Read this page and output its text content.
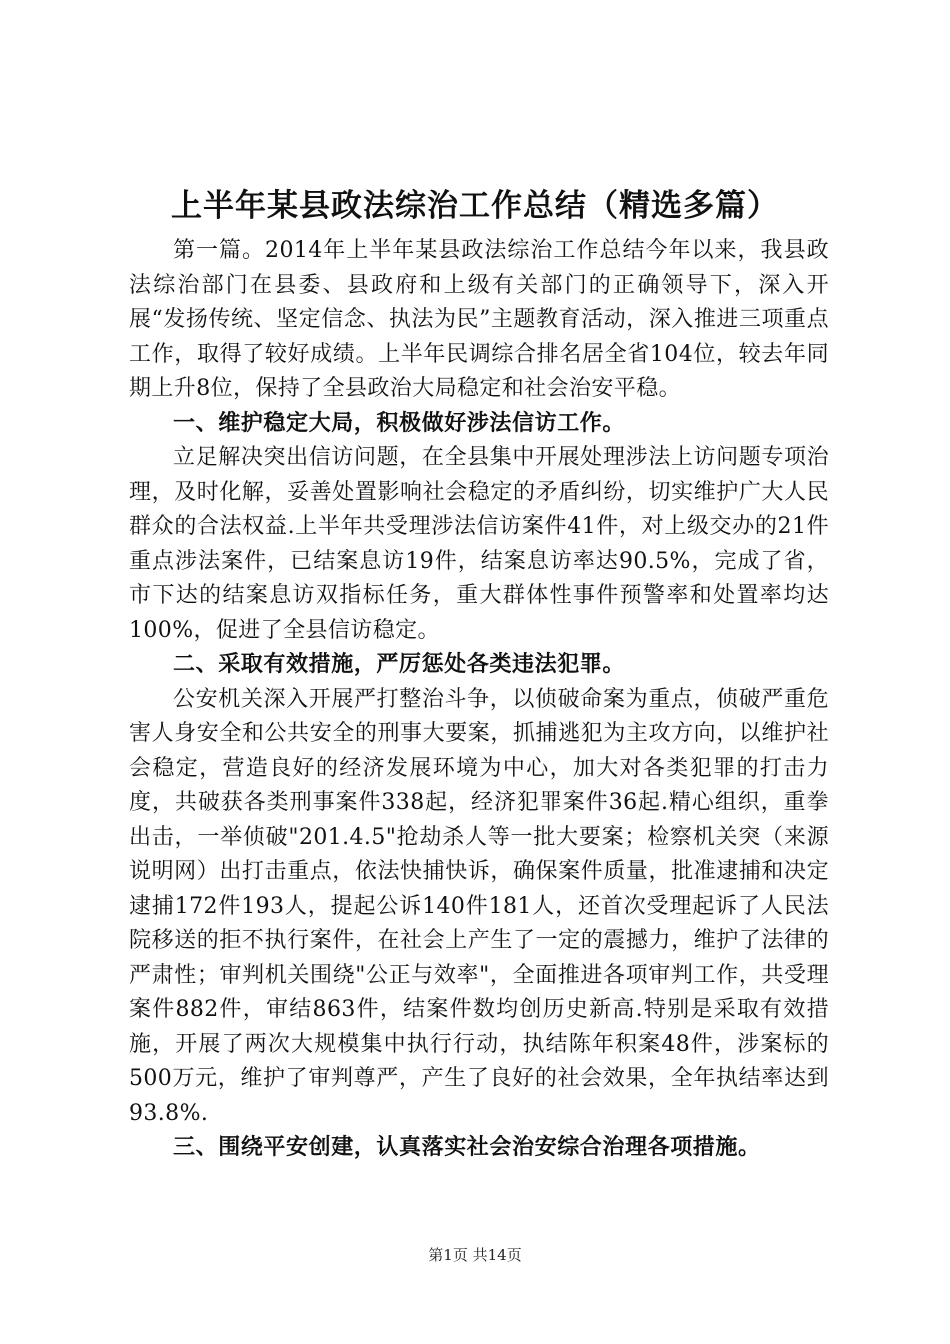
上半年某县政法综治工作总结（精选多篇）

第一篇。2014年上半年某县政法综治工作总结今年以来，我县政法综治部门在县委、县政府和上级有关部门的正确领导下，深入开展“发扬传统、坚定信念、执法为民”主题教育活动，深入推进三项重点工作，取得了较好成绩。上半年民调综合排名居全省104位，较去年同期上升8位，保持了全县政治大局稳定和社会治安平稳。

一、维护稳定大局，积极做好涉法信访工作。

立足解决突出信访问题，在全县集中开展处理涉法上访问题专项治理，及时化解，妥善处置影响社会稳定的矛盾纠纷，切实维护广大人民群众的合法权益.上半年共受理涉法信访案件41件，对上级交办的21件重点涉法案件，已结案息访19件，结案息访率达90.5%，完成了省，市下达的结案息访双指标任务，重大群体性事件预警率和处置率均达100%，促进了全县信访稳定。

二、采取有效措施，严厉惩处各类违法犯罪。

公安机关深入开展严打整治斗争，以侦破命案为重点，侦破严重危害人身安全和公共安全的刑事大要案，抓捕逃犯为主攻方向，以维护社会稳定，营造良好的经济发展环境为中心，加大对各类犯罪的打击力度，共破获各类刑事案件338起，经济犯罪案件36起.精心组织，重拳出击，一举侦破"201.4.5"抢劫杀人等一批大要案；检察机关突（来源说明网）出打击重点，依法快捕快诉，确保案件质量，批准逮捕和决定逮捕172件193人，提起公诉140件181人，还首次受理起诉了人民法院移送的拒不执行案件，在社会上产生了一定的震撼力，维护了法律的严肃性；审判机关围绕"公正与效率"，全面推进各项审判工作，共受理案件882件，审结863件，结案件数均创历史新高.特别是采取有效措施，开展了两次大规模集中执行行动，执结陈年积案48件，涉案标的500万元，维护了审判尊严，产生了良好的社会效果，全年执结率达到93.8%.

三、围绕平安创建，认真落实社会治安综合治理各项措施。

第1页 共14页
